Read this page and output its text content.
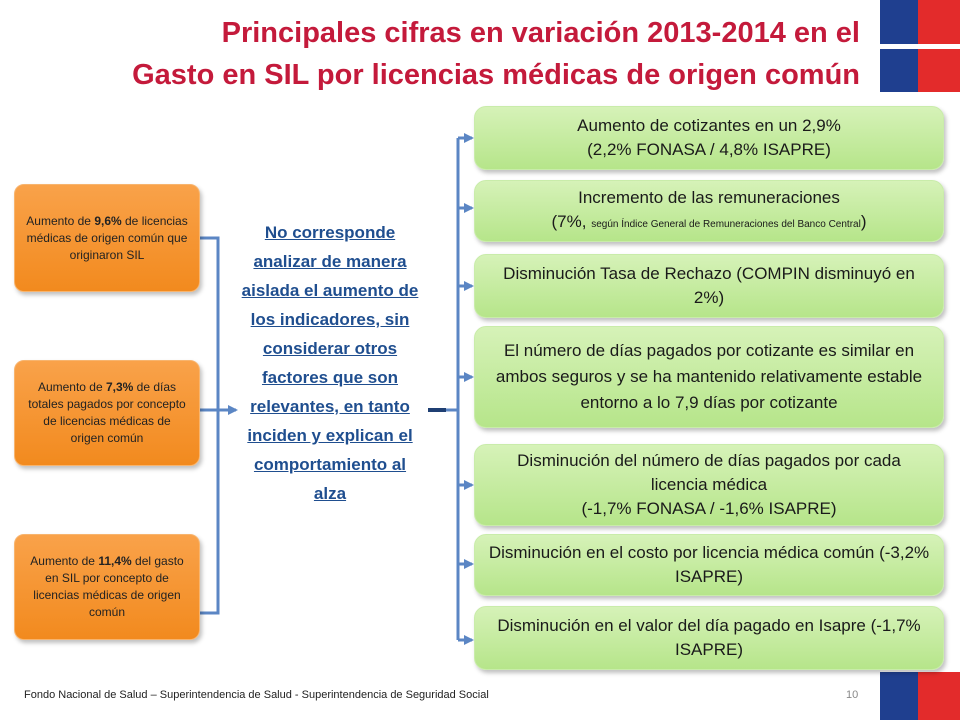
Principales cifras en variación 2013-2014 en el
Gasto en SIL por licencias médicas de origen común
Aumento de 9,6% de licencias médicas de origen común que originaron SIL
Aumento de 7,3% de días totales pagados por concepto de licencias médicas de origen común
Aumento de 11,4% del gasto en SIL por concepto de licencias médicas de origen común
No corresponde analizar de manera aislada el aumento de los indicadores, sin considerar otros factores que son relevantes, en tanto inciden y explican el comportamiento al alza
Aumento de cotizantes en un 2,9%
(2,2% FONASA / 4,8% ISAPRE)
Incremento de las remuneraciones
(7%, según Índice General de Remuneraciones del Banco Central)
Disminución Tasa de Rechazo (COMPIN disminuyó en 2%)
El número de días pagados por cotizante es similar en ambos seguros y se ha mantenido relativamente estable entorno a lo 7,9 días por cotizante
Disminución del número de días pagados por cada licencia médica
(-1,7% FONASA / -1,6% ISAPRE)
Disminución en el costo por licencia médica común (-3,2% ISAPRE)
Disminución en el valor del día pagado en Isapre (-1,7% ISAPRE)
Fondo Nacional de Salud – Superintendencia de Salud - Superintendencia de Seguridad Social	10
